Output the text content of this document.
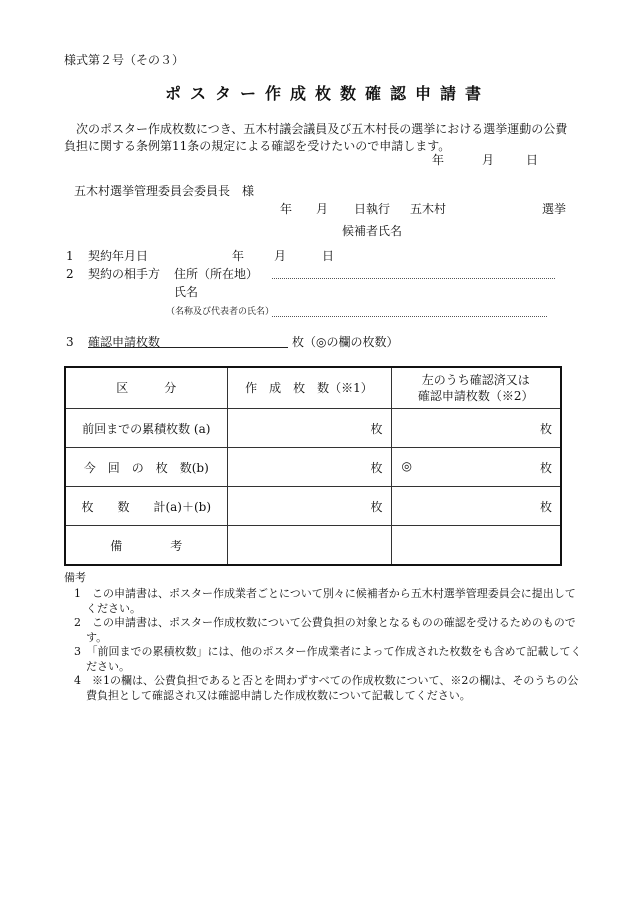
様式第２号（その３）
ポスター作成枚数確認申請書
次のポスター作成枚数につき、五木村議会議員及び五木村長の選挙における選挙運動の公費負担に関する条例第11条の規定による確認を受けたいので申請します。
年	月	日
五木村選挙管理委員会委員長　様
年 月 日執行 五木村	選挙
候補者氏名
1 契約年月日	年 月	日
2 契約の相手方 住所（所在地）
氏名
（名称及び代表者の氏名）
3 確認申請枚数	枚 （◎の欄の枚数）
区　　　分	作　成　枚　数（※1）	左のうち確認済又は
確認申請枚数（※2）

前回までの累積枚数 (a)	枚	枚
今　回　の　枚　数(b)	枚	◎ 枚

枚　　数　　計(a)＋(b)	枚	枚
備　　　　考		
備考
1　この申請書は、ポスター作成業者ごとについて別々に候補者から五木村選挙管理委員会に提出してください。
2　この申請書は、ポスター作成枚数について公費負担の対象となるものの確認を受けるためのものです。
3　「前回までの累積枚数」には、他のポスター作成業者によって作成された枚数をも含めて記載してください。
4　※1の欄は、公費負担であると否とを問わずすべての作成枚数について、※2の欄は、そのうちの公費負担として確認され又は確認申請した作成枚数について記載してください。
